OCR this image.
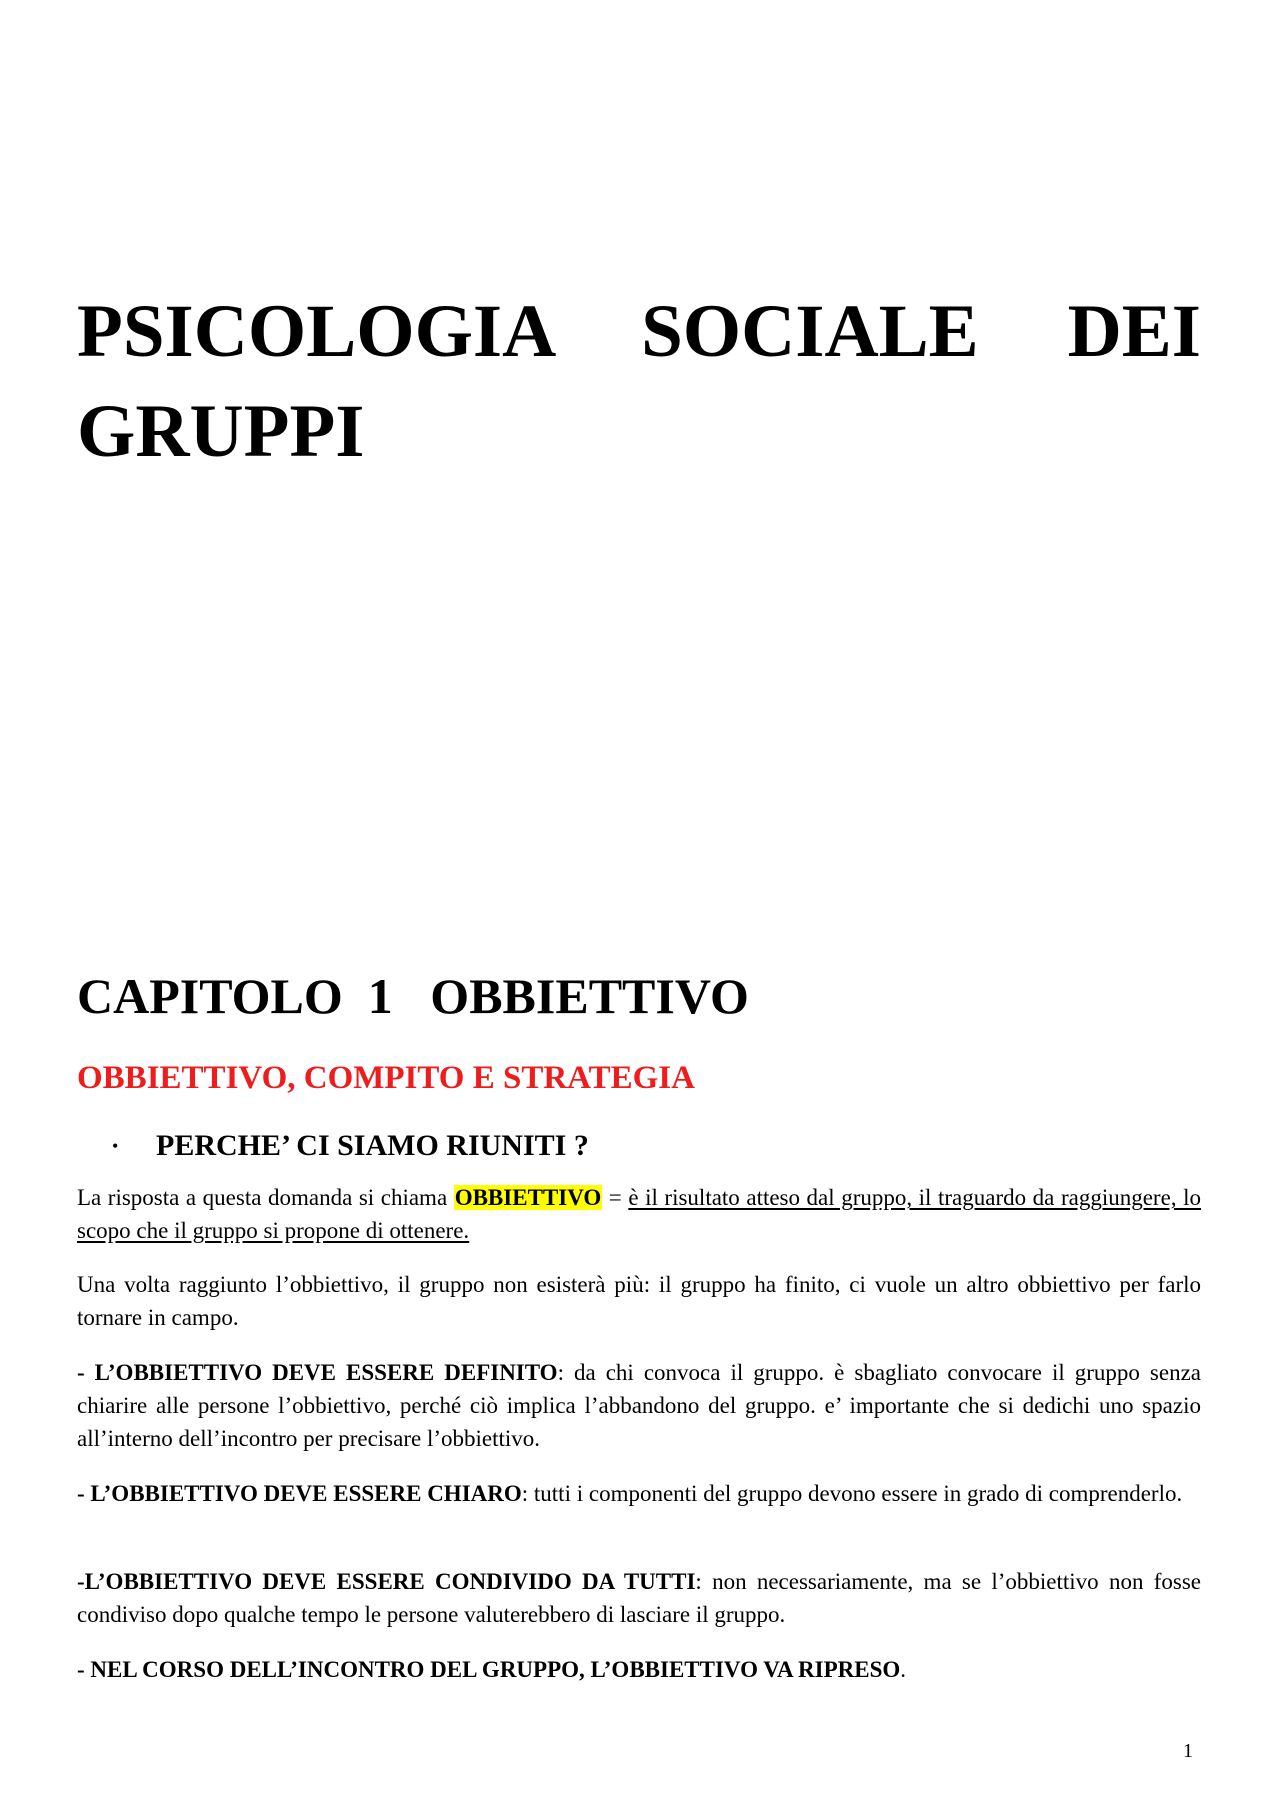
PSICOLOGIA SOCIALE DEI GRUPPI
CAPITOLO  1   OBBIETTIVO
OBBIETTIVO, COMPITO E STRATEGIA
•	PERCHE’ CI SIAMO RIUNITI ?

La risposta a questa domanda si chiama OBBIETTIVO = è il risultato atteso dal gruppo, il traguardo da raggiungere, lo scopo che il gruppo si propone di ottenere.

Una volta raggiunto l’obbiettivo, il gruppo non esisterà più: il gruppo ha finito, ci vuole un altro obbiettivo per farlo tornare in campo.

- L’OBBIETTIVO DEVE ESSERE DEFINITO: da chi convoca il gruppo. è sbagliato convocare il gruppo senza chiarire alle persone l’obbiettivo, perché ciò implica l’abbandono del gruppo. e’ importante che si dedichi uno spazio all’interno dell’incontro per precisare l’obbiettivo.

- L’OBBIETTIVO DEVE ESSERE CHIARO: tutti i componenti del gruppo devono essere in grado di comprenderlo.

-L’OBBIETTIVO DEVE ESSERE CONDIVIDO DA TUTTI: non necessariamente, ma se l’obbiettivo non fosse condiviso dopo qualche tempo le persone valuterebbero di lasciare il gruppo.

- NEL CORSO DELL’INCONTRO DEL GRUPPO, L’OBBIETTIVO VA RIPRESO.

1
